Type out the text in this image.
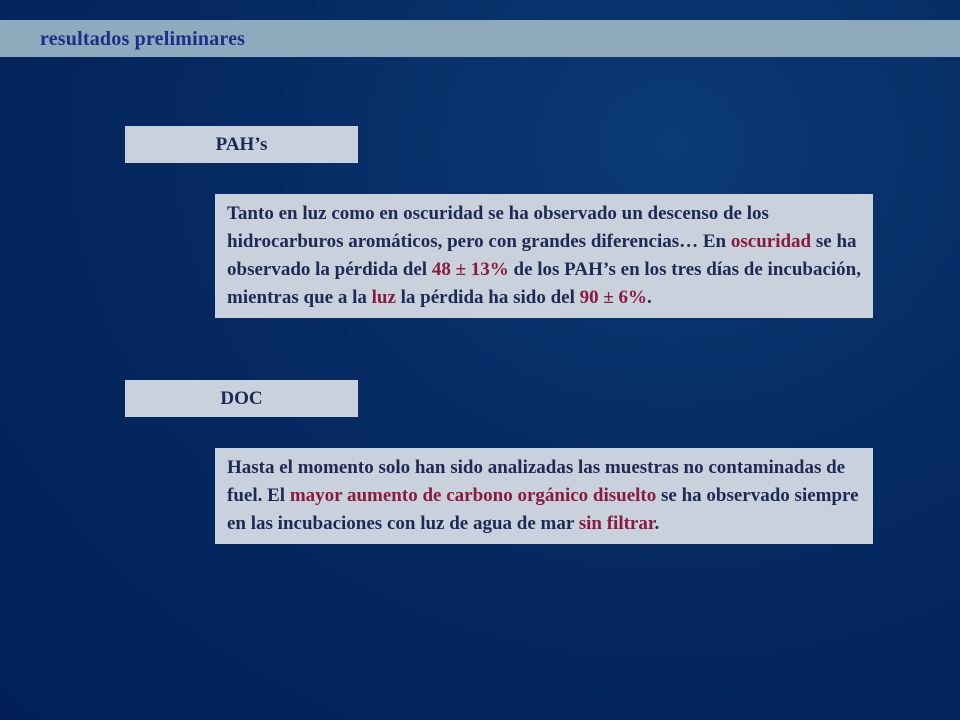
resultados preliminares
PAH’s
Tanto en luz como en oscuridad se ha observado un descenso de los hidrocarburos aromáticos, pero con grandes diferencias… En oscuridad se ha observado la pérdida del 48 ± 13% de los PAH’s en los tres días de incubación, mientras que a la luz la pérdida ha sido del 90 ± 6%.
DOC
Hasta el momento solo han sido analizadas las muestras no contaminadas de fuel. El mayor aumento de carbono orgánico disuelto se ha observado siempre en las incubaciones con luz de agua de mar sin filtrar.
